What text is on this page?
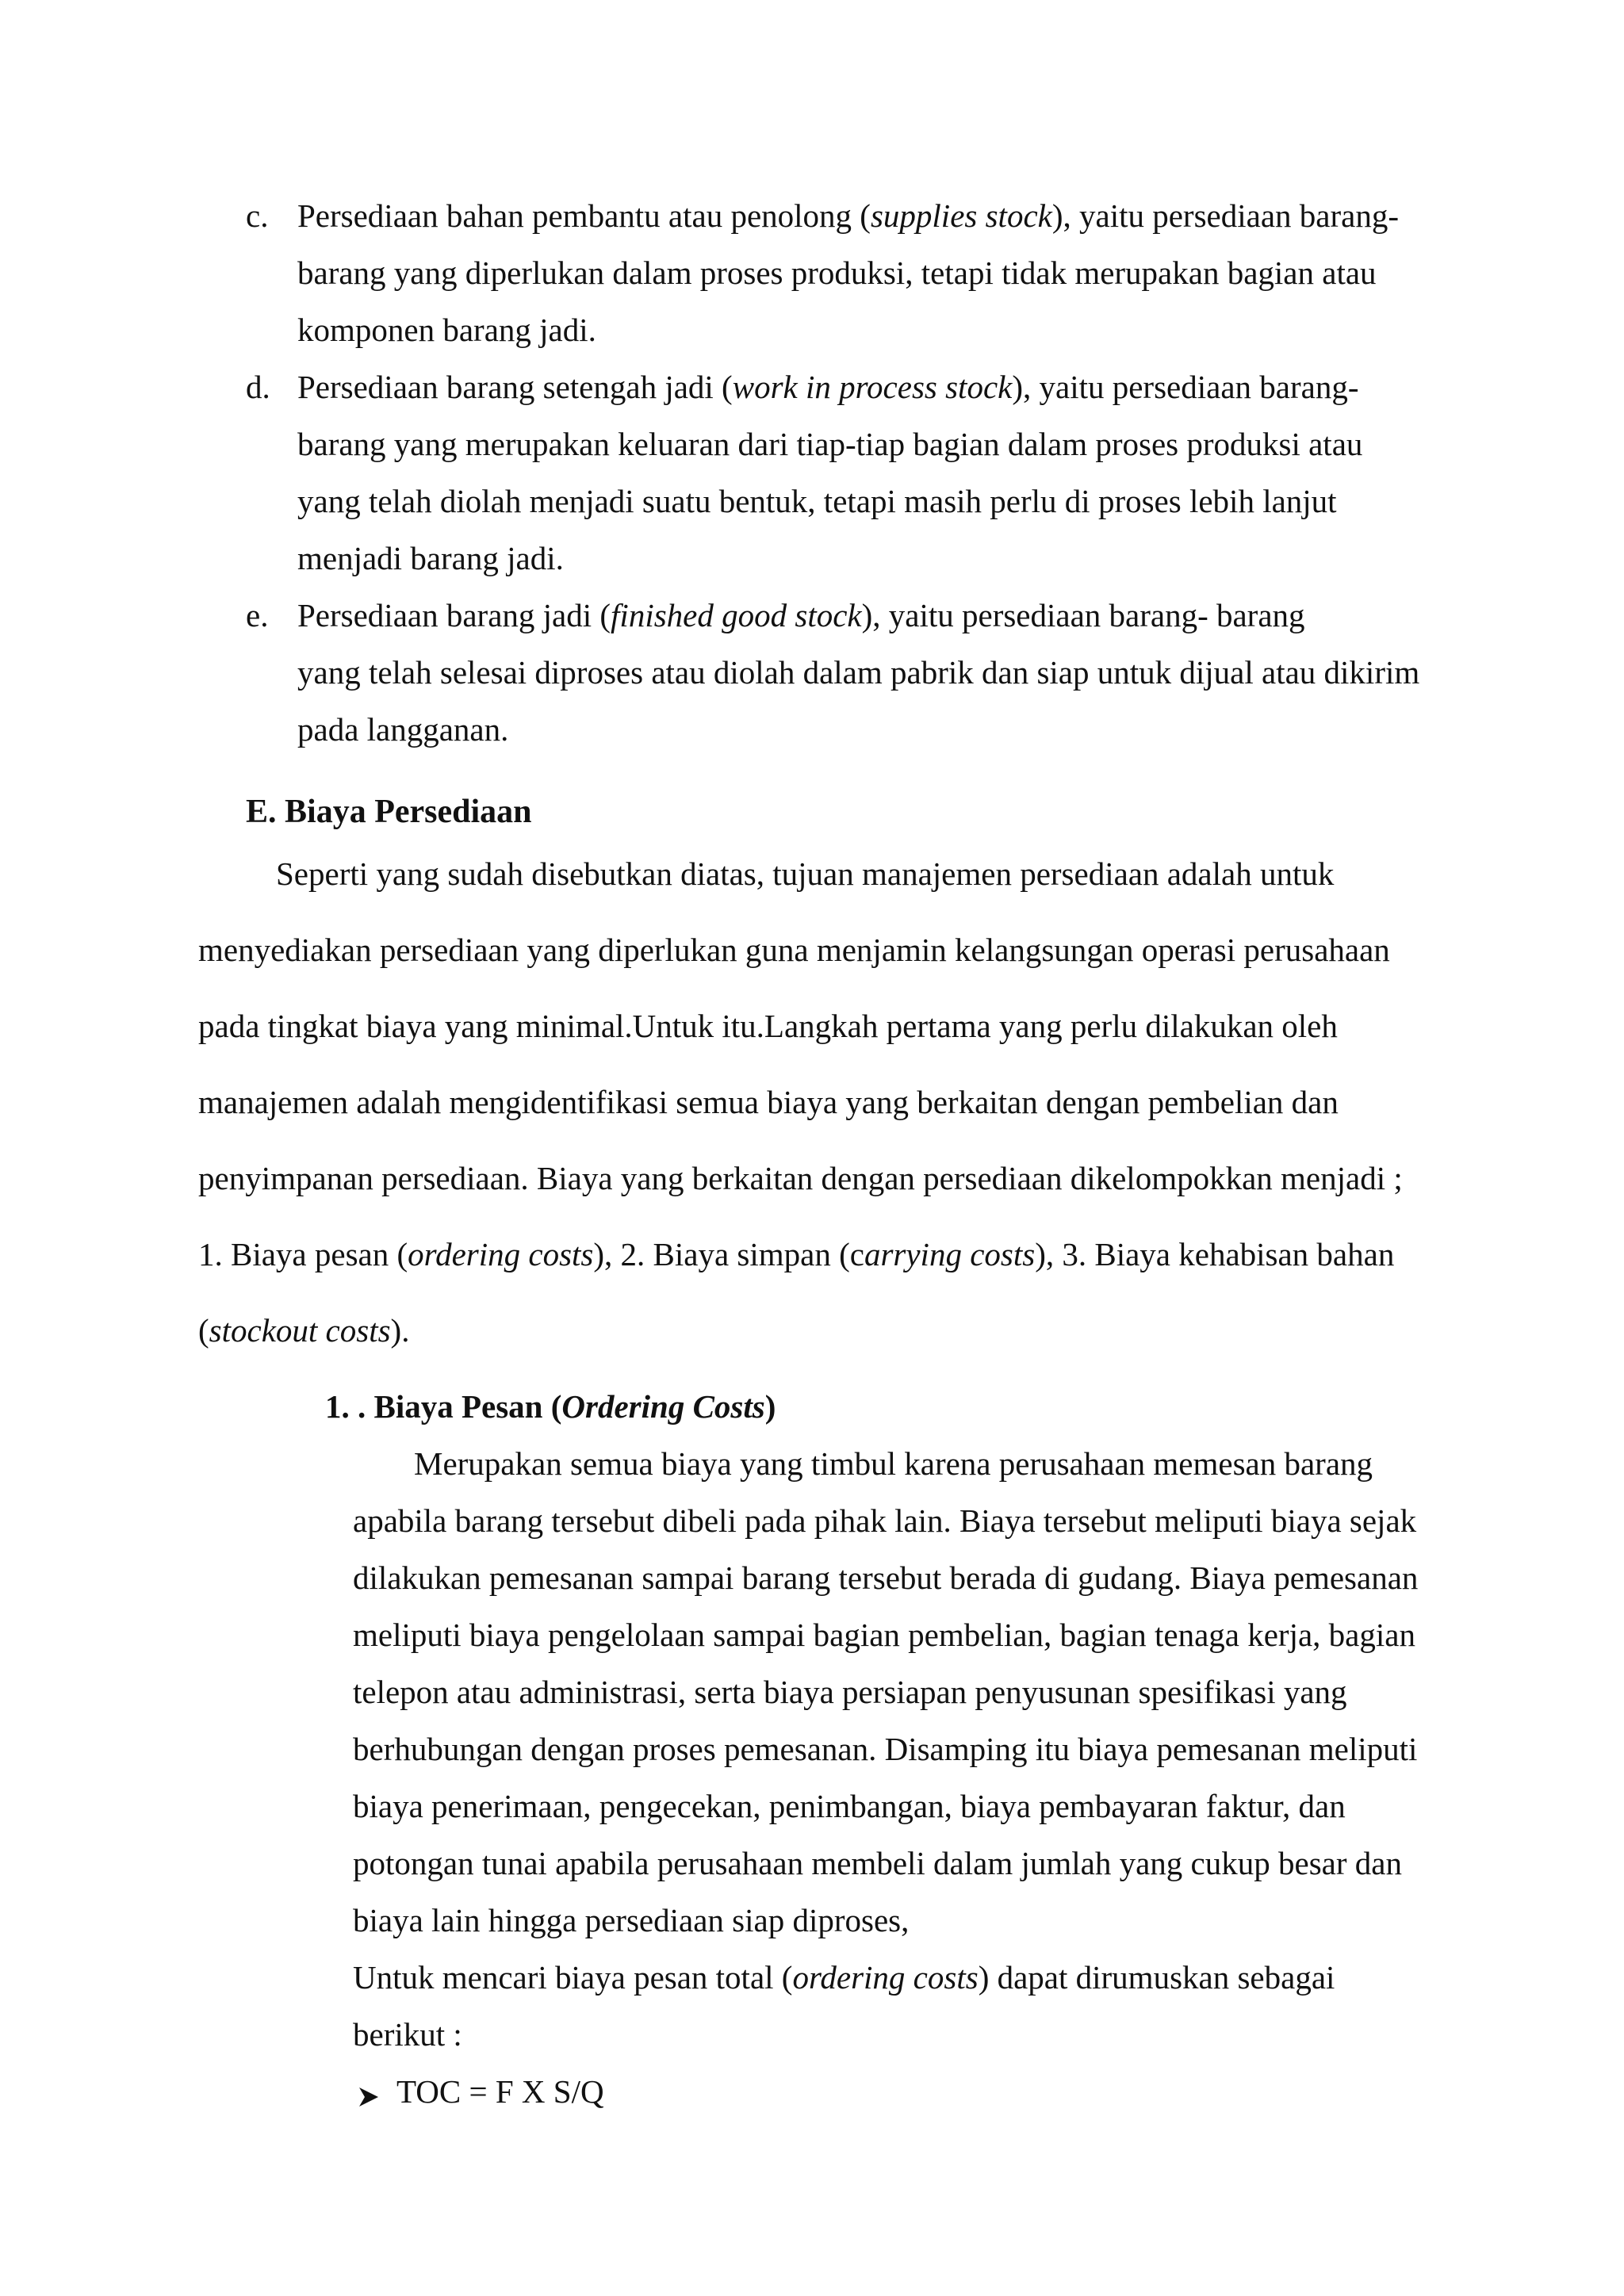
c. Persediaan bahan pembantu atau penolong (supplies stock), yaitu persediaan barang-
barang yang diperlukan dalam proses produksi, tetapi tidak merupakan bagian atau
komponen barang jadi.
d. Persediaan barang setengah jadi (work in process stock), yaitu persediaan barang-
barang yang merupakan keluaran dari tiap-tiap bagian dalam proses produksi atau
yang telah diolah menjadi suatu bentuk, tetapi masih perlu di proses lebih lanjut
menjadi barang jadi.
e. Persediaan barang jadi (finished good stock), yaitu persediaan barang- barang
yang telah selesai diproses atau diolah dalam pabrik dan siap untuk dijual atau dikirim
pada langganan.
E. Biaya Persediaan
Seperti yang sudah disebutkan diatas, tujuan manajemen persediaan adalah untuk
menyediakan persediaan yang diperlukan guna menjamin kelangsungan operasi perusahaan
pada tingkat biaya yang minimal.Untuk itu.Langkah pertama yang perlu dilakukan oleh
manajemen adalah mengidentifikasi semua biaya yang berkaitan dengan pembelian dan
penyimpanan persediaan. Biaya yang berkaitan dengan persediaan dikelompokkan menjadi ;
1. Biaya pesan (ordering costs), 2. Biaya simpan (carrying costs), 3. Biaya kehabisan bahan
(stockout costs).
1. . Biaya Pesan (Ordering Costs)
Merupakan semua biaya yang timbul karena perusahaan memesan barang
apabila barang tersebut dibeli pada pihak lain. Biaya tersebut meliputi biaya sejak
dilakukan pemesanan sampai barang tersebut berada di gudang. Biaya pemesanan
meliputi biaya pengelolaan sampai bagian pembelian, bagian tenaga kerja, bagian
telepon atau administrasi, serta biaya persiapan penyusunan spesifikasi yang
berhubungan dengan proses pemesanan. Disamping itu biaya pemesanan meliputi
biaya penerimaan, pengecekan, penimbangan, biaya pembayaran faktur, dan
potongan tunai apabila perusahaan membeli dalam jumlah yang cukup besar dan
biaya lain hingga persediaan siap diproses,
Untuk mencari biaya pesan total (ordering costs) dapat dirumuskan sebagai
berikut :
TOC = F X S/Q
